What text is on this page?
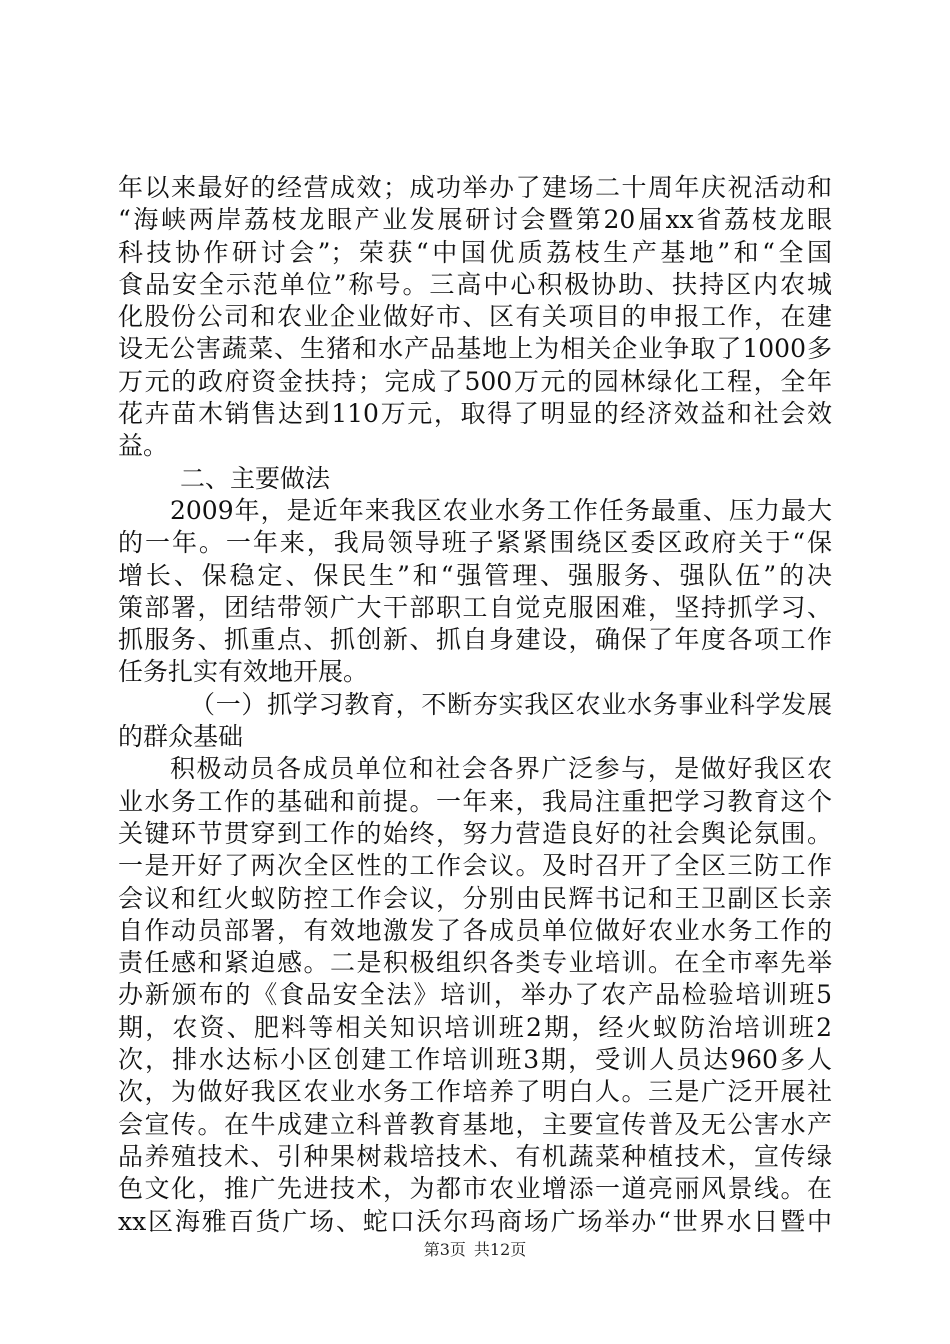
年以来最好的经营成效；成功举办了建场二十周年庆祝活动和
“海峡两岸荔枝龙眼产业发展研讨会暨第20届xx省荔枝龙眼
科技协作研讨会”；荣获“中国优质荔枝生产基地”和“全国
食品安全示范单位”称号。三高中心积极协助、扶持区内农城
化股份公司和农业企业做好市、区有关项目的申报工作，在建
设无公害蔬菜、生猪和水产品基地上为相关企业争取了1000多
万元的政府资金扶持；完成了500万元的园林绿化工程，全年
花卉苗木销售达到110万元，取得了明显的经济效益和社会效
益。
二、主要做法
2009年，是近年来我区农业水务工作任务最重、压力最大
的一年。一年来，我局领导班子紧紧围绕区委区政府关于“保
增长、保稳定、保民生”和“强管理、强服务、强队伍”的决
策部署，团结带领广大干部职工自觉克服困难，坚持抓学习、
抓服务、抓重点、抓创新、抓自身建设，确保了年度各项工作
任务扎实有效地开展。
（一）抓学习教育，不断夯实我区农业水务事业科学发展
的群众基础
积极动员各成员单位和社会各界广泛参与，是做好我区农
业水务工作的基础和前提。一年来，我局注重把学习教育这个
关键环节贯穿到工作的始终，努力营造良好的社会舆论氛围。
一是开好了两次全区性的工作会议。及时召开了全区三防工作
会议和红火蚁防控工作会议，分别由民辉书记和王卫副区长亲
自作动员部署，有效地激发了各成员单位做好农业水务工作的
责任感和紧迫感。二是积极组织各类专业培训。在全市率先举
办新颁布的《食品安全法》培训，举办了农产品检验培训班5
期，农资、肥料等相关知识培训班2期，经火蚁防治培训班2
次，排水达标小区创建工作培训班3期，受训人员达960多人
次，为做好我区农业水务工作培养了明白人。三是广泛开展社
会宣传。在牛成建立科普教育基地，主要宣传普及无公害水产
品养殖技术、引种果树栽培技术、有机蔬菜种植技术，宣传绿
色文化，推广先进技术，为都市农业增添一道亮丽风景线。在
xx区海雅百货广场、蛇口沃尔玛商场广场举办“世界水日暨中
第3页 共12页
